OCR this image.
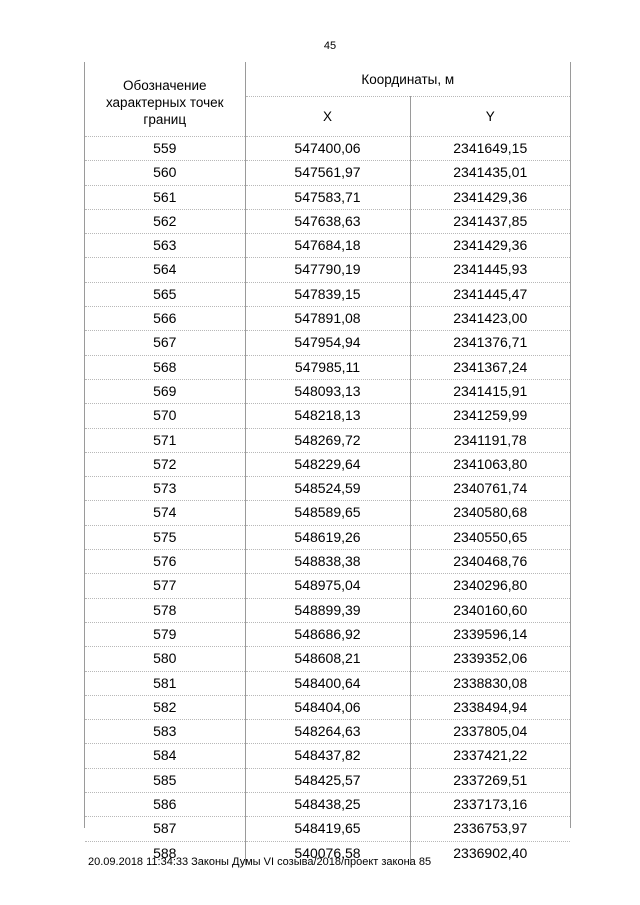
45
Обозначение характерных точек границ	Координаты, м	
	X	Y
559	547400,06	2341649,15
560	547561,97	2341435,01
561	547583,71	2341429,36
562	547638,63	2341437,85
563	547684,18	2341429,36
564	547790,19	2341445,93
565	547839,15	2341445,47
566	547891,08	2341423,00
567	547954,94	2341376,71
568	547985,11	2341367,24
569	548093,13	2341415,91
570	548218,13	2341259,99
571	548269,72	2341191,78
572	548229,64	2341063,80
573	548524,59	2340761,74
574	548589,65	2340580,68
575	548619,26	2340550,65
576	548838,38	2340468,76
577	548975,04	2340296,80
578	548899,39	2340160,60
579	548686,92	2339596,14
580	548608,21	2339352,06
581	548400,64	2338830,08
582	548404,06	2338494,94
583	548264,63	2337805,04
584	548437,82	2337421,22
585	548425,57	2337269,51
586	548438,25	2337173,16
587	548419,65	2336753,97
588	540076,58	2336902,40
20.09.2018 11:34:33 Законы Думы VI созыва/2018/проект закона 85
